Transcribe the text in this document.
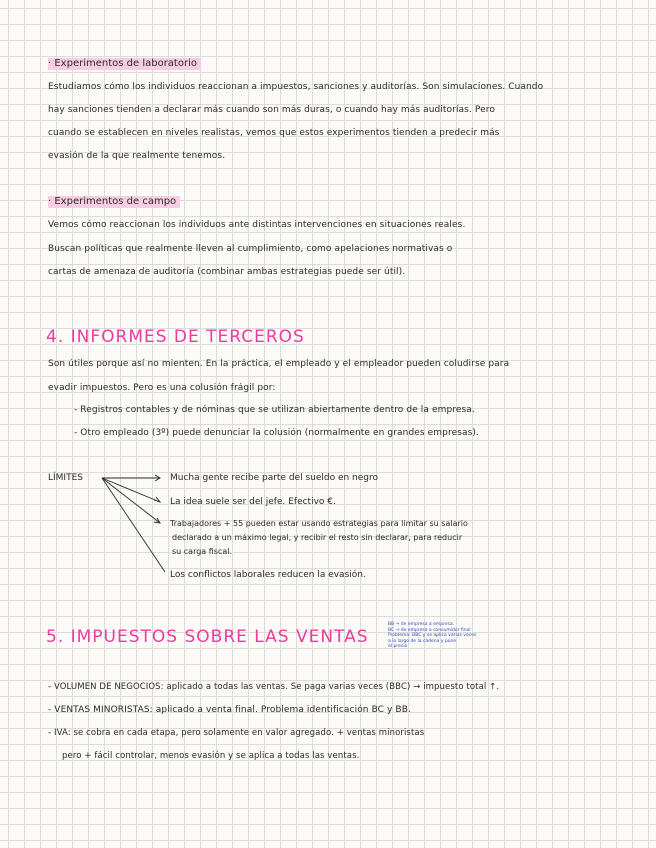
· Experimentos de laboratorio
Estudiamos cómo los individuos reaccionan a impuestos, sanciones y auditorías. Son simulaciones. Cuando
hay sanciones tienden a declarar más cuando son más duras, o cuando hay más auditorías. Pero
cuando se establecen en niveles realistas, vemos que estos experimentos tienden a predecir más
evasión de la que realmente tenemos.
· Experimentos de campo
Vemos cómo reaccionan los individuos ante distintas intervenciones en situaciones reales.
Buscan políticas que realmente lleven al cumplimiento, como apelaciones normativas o
cartas de amenaza de auditoría (combinar ambas estrategias puede ser útil).
4. INFORMES DE TERCEROS
Son útiles porque así no mienten. En la práctica, el empleado y el empleador pueden coludirse para
evadir impuestos. Pero es una colusión frágil por:
- Registros contables y de nóminas que se utilizan abiertamente dentro de la empresa.
- Otro empleado (3º) puede denunciar la colusión (normalmente en grandes empresas).
LÍMITES	Mucha gente recibe parte del sueldo en negro
La idea suele ser del jefe. Efectivo €.
Trabajadores + 55 pueden estar usando estrategias para limitar su salario
declarado a un máximo legal, y recibir el resto sin declarar, para reducir
su carga fiscal.
Los conflictos laborales reducen la evasión.
5. IMPUESTOS SOBRE LAS VENTAS
BB → de empresa a empresa.
BC → de empresa a consumidor final
Problema: BBC y se aplica varias veces
a lo largo de la cadena y pone
el precio
- VOLUMEN DE NEGOCIOS: aplicado a todas las ventas. Se paga varias veces (BBC) → impuesto total ↑.
- VENTAS MINORISTAS: aplicado a venta final. Problema identificación BC y BB.
- IVA: se cobra en cada etapa, pero solamente en valor agregado. + ventas minoristas
pero + fácil controlar, menos evasión y se aplica a todas las ventas.
